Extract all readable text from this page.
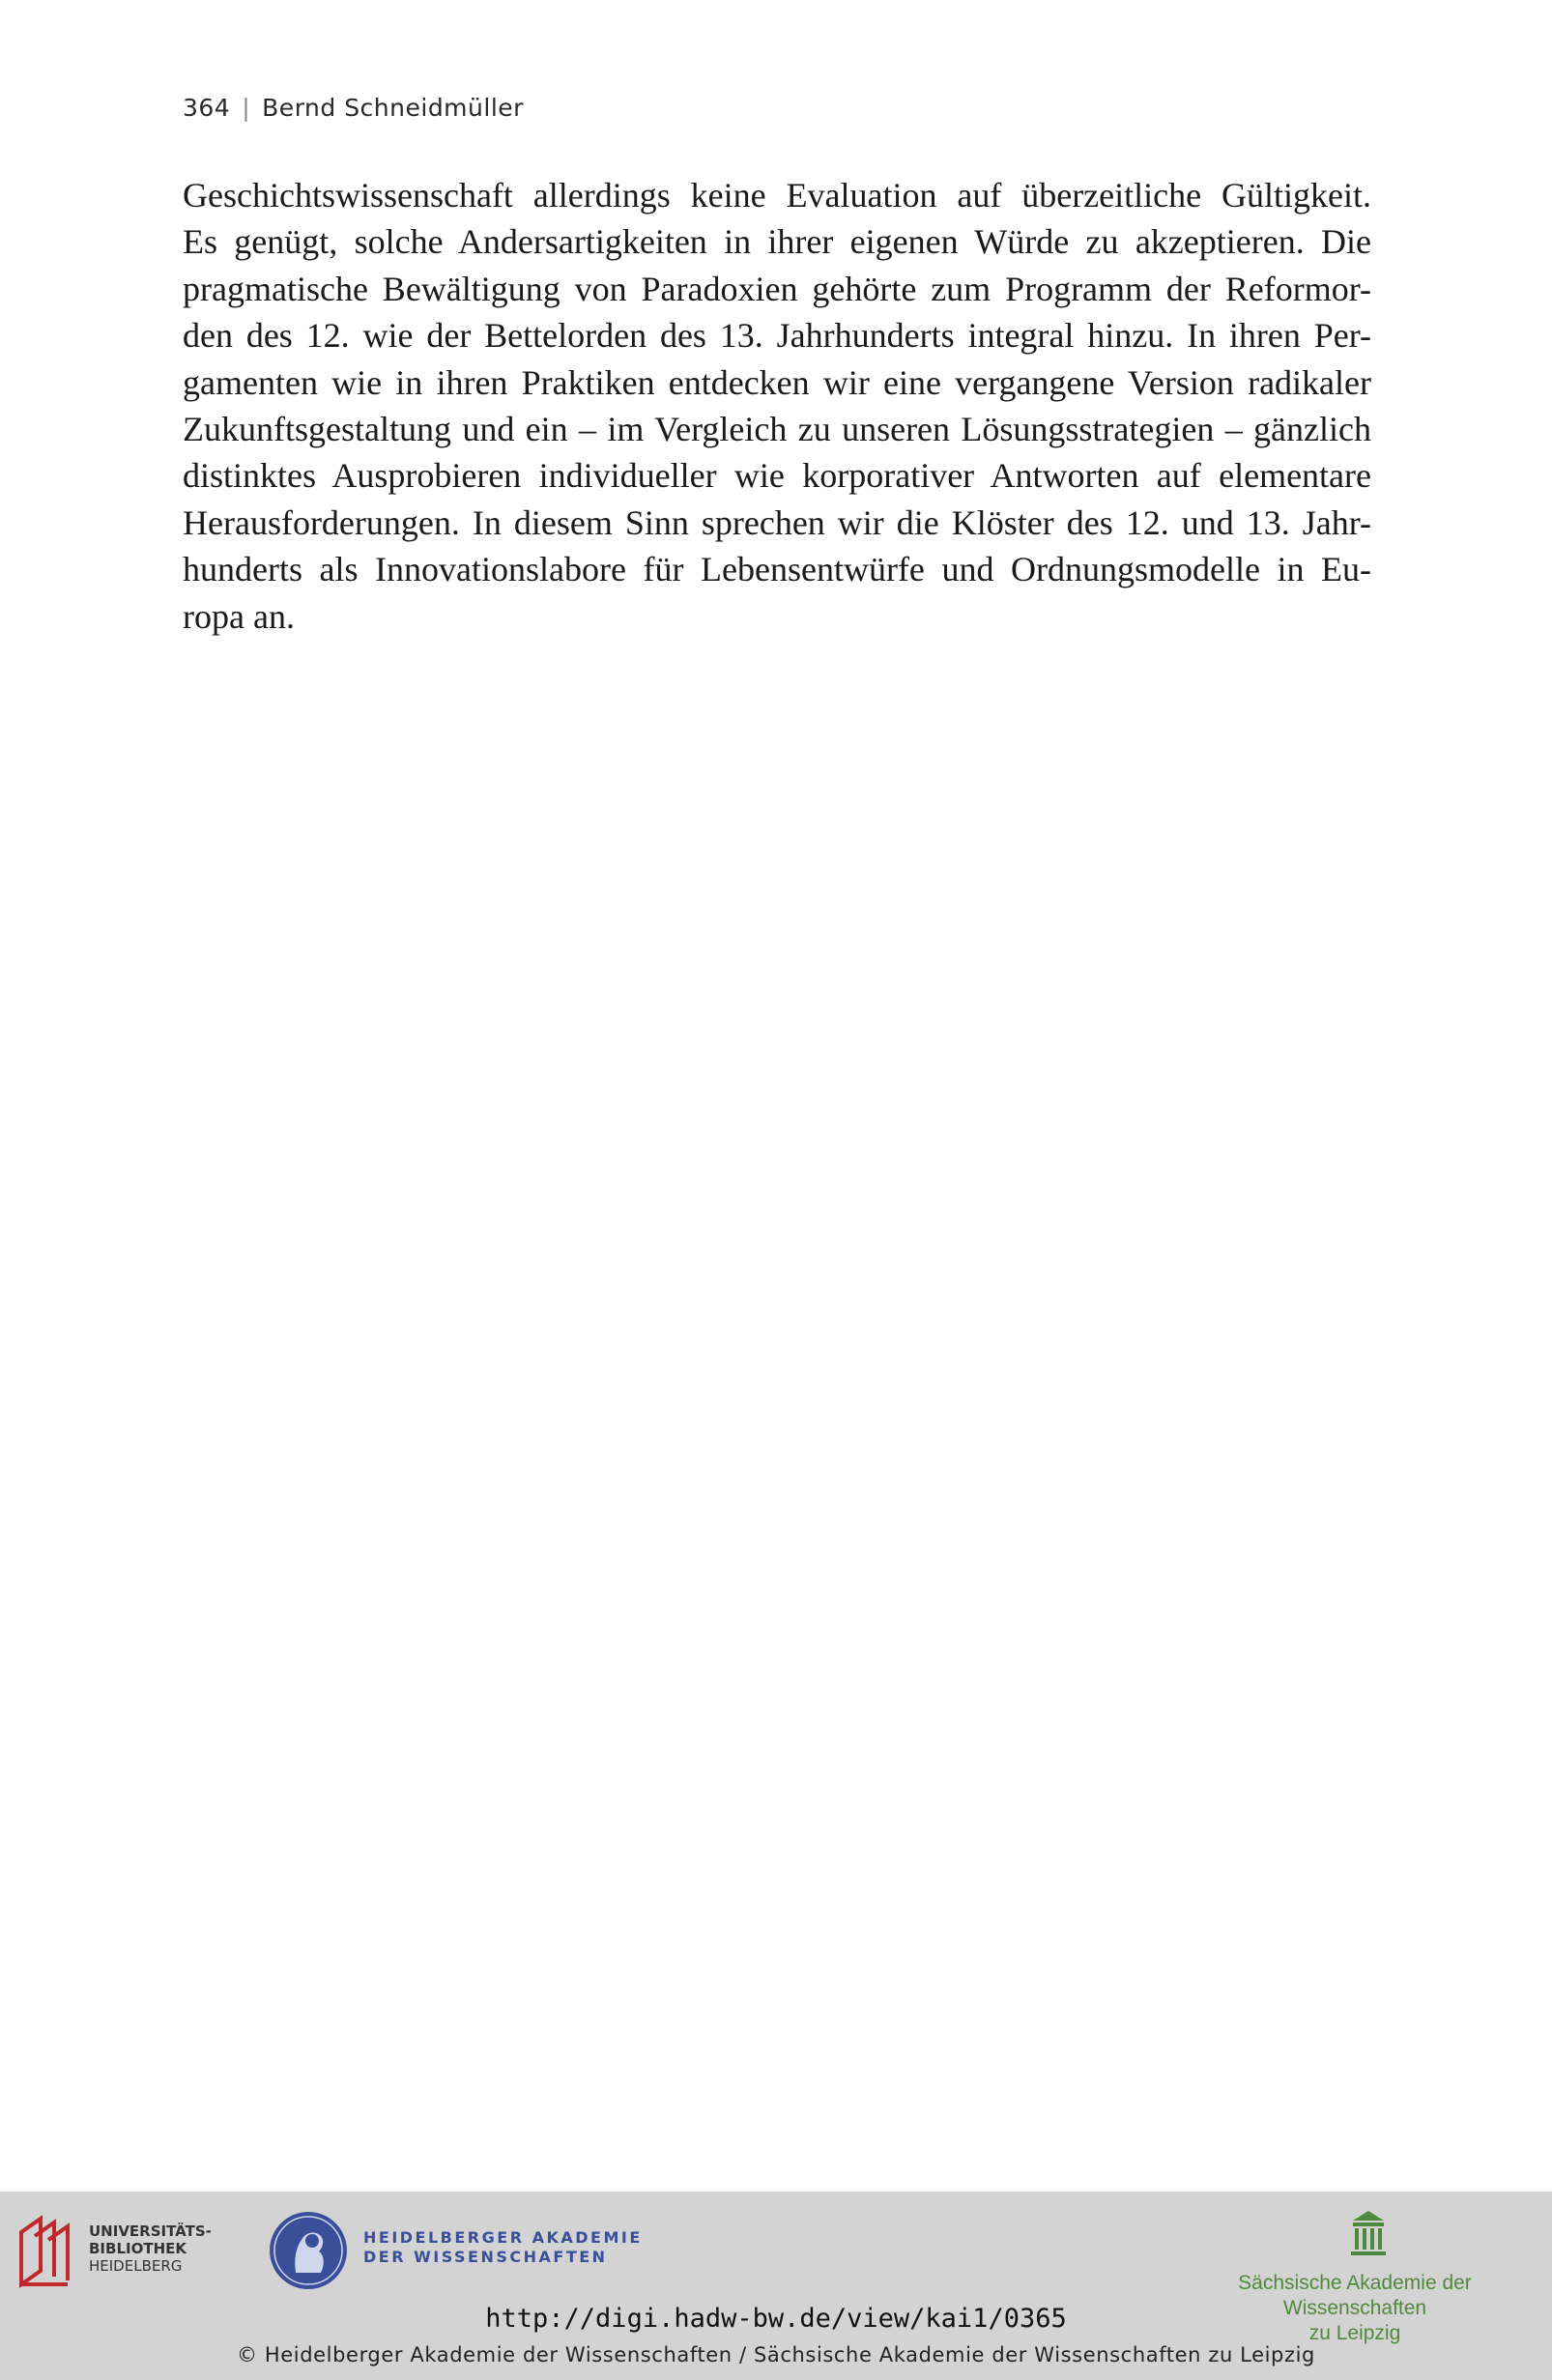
364 | Bernd Schneidmüller
Geschichtswissenschaft allerdings keine Evaluation auf überzeitliche Gültigkeit.
Es genügt, solche Andersartigkeiten in ihrer eigenen Würde zu akzeptieren. Die
pragmatische Bewältigung von Paradoxien gehörte zum Programm der Reformor-
den des 12. wie der Bettelorden des 13. Jahrhunderts integral hinzu. In ihren Per-
gamenten wie in ihren Praktiken entdecken wir eine vergangene Version radikaler
Zukunftsgestaltung und ein – im Vergleich zu unseren Lösungsstrategien – gänzlich
distinktes Ausprobieren individueller wie korporativer Antworten auf elementare
Herausforderungen. In diesem Sinn sprechen wir die Klöster des 12. und 13. Jahr-
hunderts als Innovationslabore für Lebensentwürfe und Ordnungsmodelle in Eu-
ropa an.
UNIVERSITÄTS-
BIBLIOTHEK
HEIDELBERG
HEIDELBERGER AKADEMIE
DER WISSENSCHAFTEN
Sächsische Akademie der Wissenschaften
zu Leipzig
http://digi.hadw-bw.de/view/kai1/0365
© Heidelberger Akademie der Wissenschaften / Sächsische Akademie der Wissenschaften zu Leipzig
